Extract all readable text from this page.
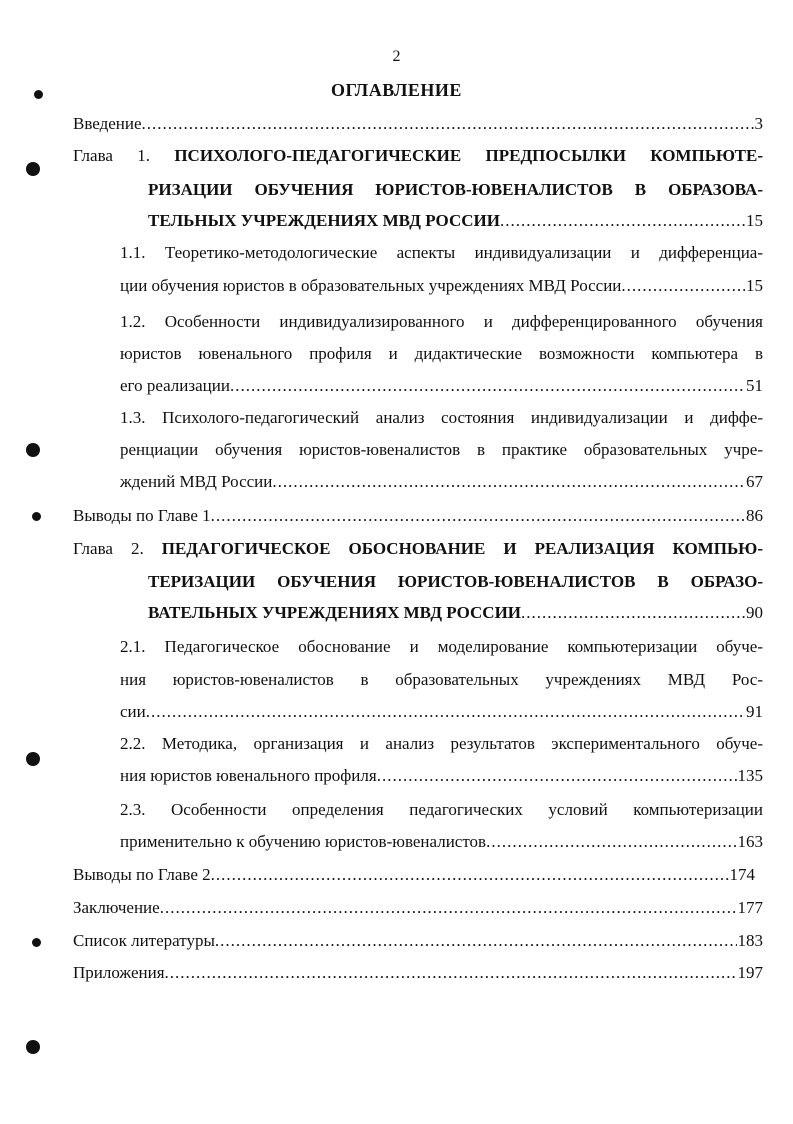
2
ОГЛАВЛЕНИЕ
Введение .....	3
Глава 1. ПСИХОЛОГО-ПЕДАГОГИЧЕСКИЕ ПРЕДПОСЫЛКИ КОМПЬЮТЕ-
РИЗАЦИИ ОБУЧЕНИЯ ЮРИСТОВ-ЮВЕНАЛИСТОВ В ОБРАЗОВА-
ТЕЛЬНЫХ УЧРЕЖДЕНИЯХ МВД РОССИИ .....	15
1.1. Теоретико-методологические аспекты индивидуализации и дифференциа-
ции обучения юристов в образовательных учреждениях МВД России .....	15
1.2. Особенности индивидуализированного и дифференцированного обучения
юристов ювенального профиля и дидактические возможности компьютера в
его реализации .....	51
1.3. Психолого-педагогический анализ состояния индивидуализации и диффе-
ренциации обучения юристов-ювеналистов в практике образовательных учре-
ждений МВД России .....	67
Выводы по Главе 1 .....	86
Глава 2. ПЕДАГОГИЧЕСКОЕ ОБОСНОВАНИЕ И РЕАЛИЗАЦИЯ КОМПЬЮ-
ТЕРИЗАЦИИ ОБУЧЕНИЯ ЮРИСТОВ-ЮВЕНАЛИСТОВ В ОБРАЗО-
ВАТЕЛЬНЫХ УЧРЕЖДЕНИЯХ МВД РОССИИ .....	90
2.1. Педагогическое обоснование и моделирование компьютеризации обуче-
ния юристов-ювеналистов в образовательных учреждениях МВД Рос-
сии .....	91
2.2. Методика, организация и анализ результатов экспериментального обуче-
ния юристов ювенального профиля .....	135
2.3. Особенности определения педагогических условий компьютеризации
применительно к обучению юристов-ювеналистов .....	163
Выводы по Главе 2 .....	174
Заключение .....	177
Список литературы .....	183
Приложения .....	197
